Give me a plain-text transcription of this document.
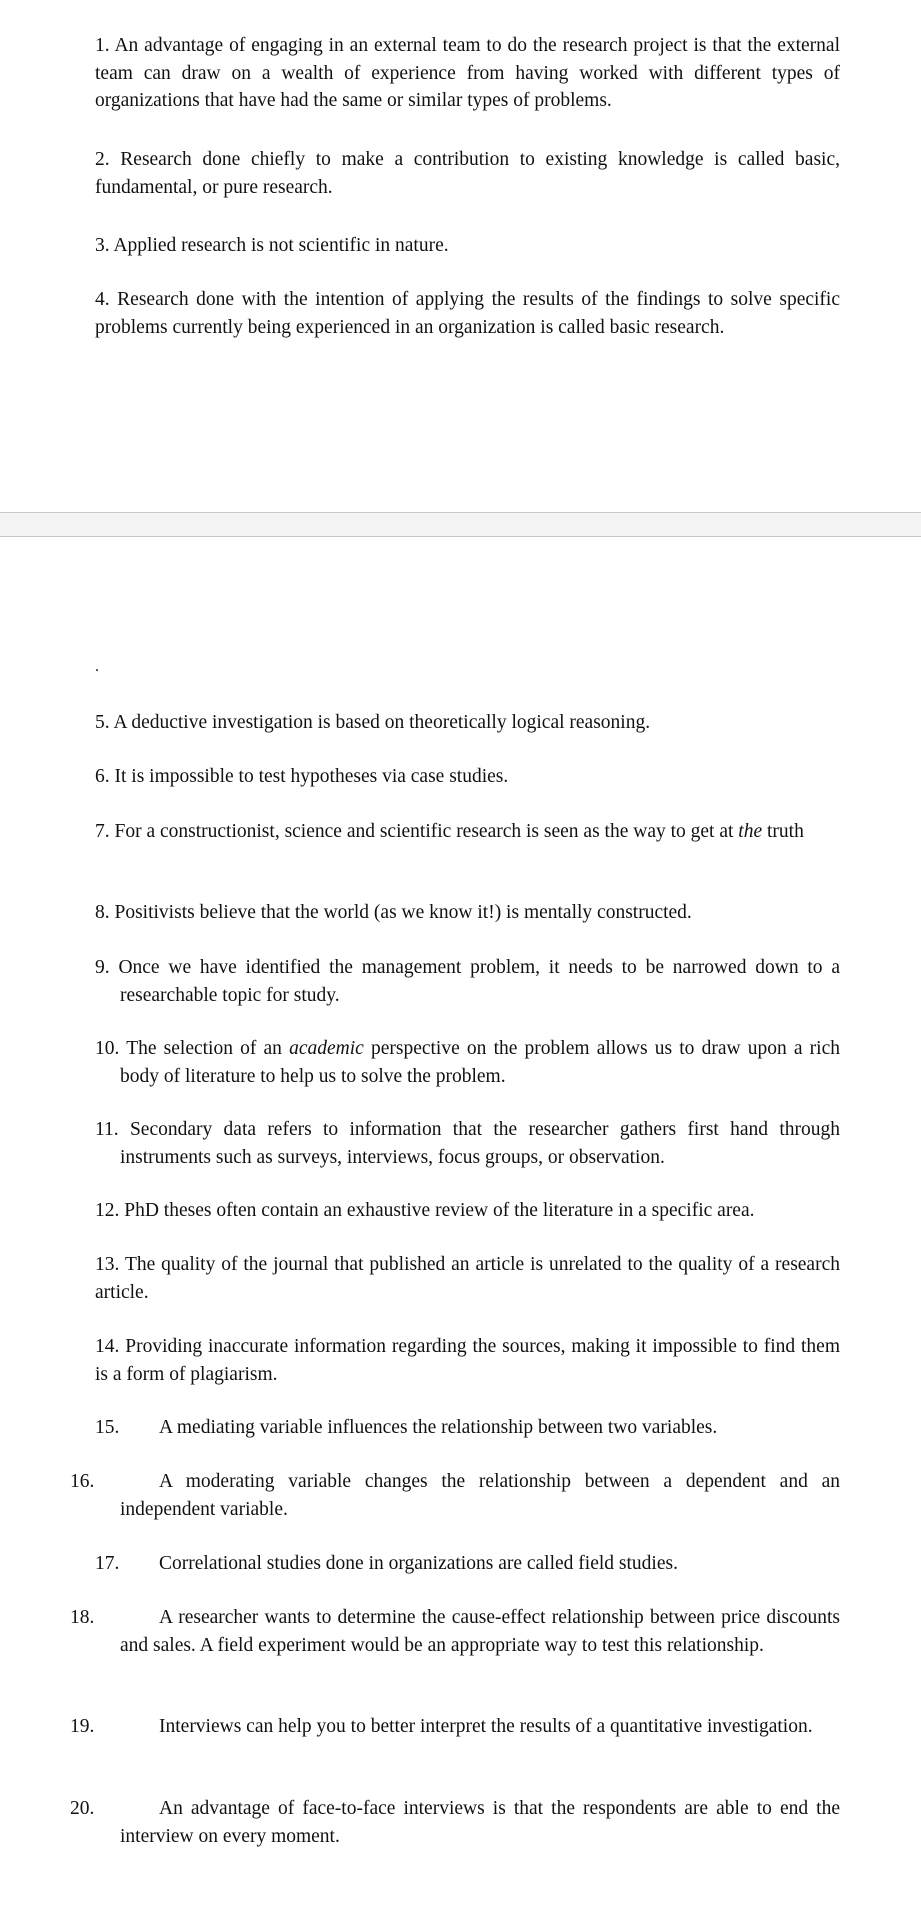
1. An advantage of engaging in an external team to do the research project is that the external team can draw on a wealth of experience from having worked with different types of organizations that have had the same or similar types of problems.

2. Research done chiefly to make a contribution to existing knowledge is called basic, fundamental, or pure research.

3. Applied research is not scientific in nature.

4. Research done with the intention of applying the results of the findings to solve specific problems currently being experienced in an organization is called basic research.

.

5. A deductive investigation is based on theoretically logical reasoning.

6. It is impossible to test hypotheses via case studies.

7. For a constructionist, science and scientific research is seen as the way to get at the truth

8. Positivists believe that the world (as we know it!) is mentally constructed.

9. Once we have identified the management problem, it needs to be narrowed down to a researchable topic for study.

10. The selection of an academic perspective on the problem allows us to draw upon a rich body of literature to help us to solve the problem.

11. Secondary data refers to information that the researcher gathers first hand through instruments such as surveys, interviews, focus groups, or observation.

12. PhD theses often contain an exhaustive review of the literature in a specific area.

13. The quality of the journal that published an article is unrelated to the quality of a research article.

14. Providing inaccurate information regarding the sources, making it impossible to find them is a form of plagiarism.

15. A mediating variable influences the relationship between two variables.

16.	A moderating variable changes the relationship between a dependent and an independent variable.

17. Correlational studies done in organizations are called field studies.

18.	A researcher wants to determine the cause-effect relationship between price discounts and sales. A field experiment would be an appropriate way to test this relationship.

19.	Interviews can help you to better interpret the results of a quantitative investigation.

20.	An advantage of face-to-face interviews is that the respondents are able to end the interview on every moment.
